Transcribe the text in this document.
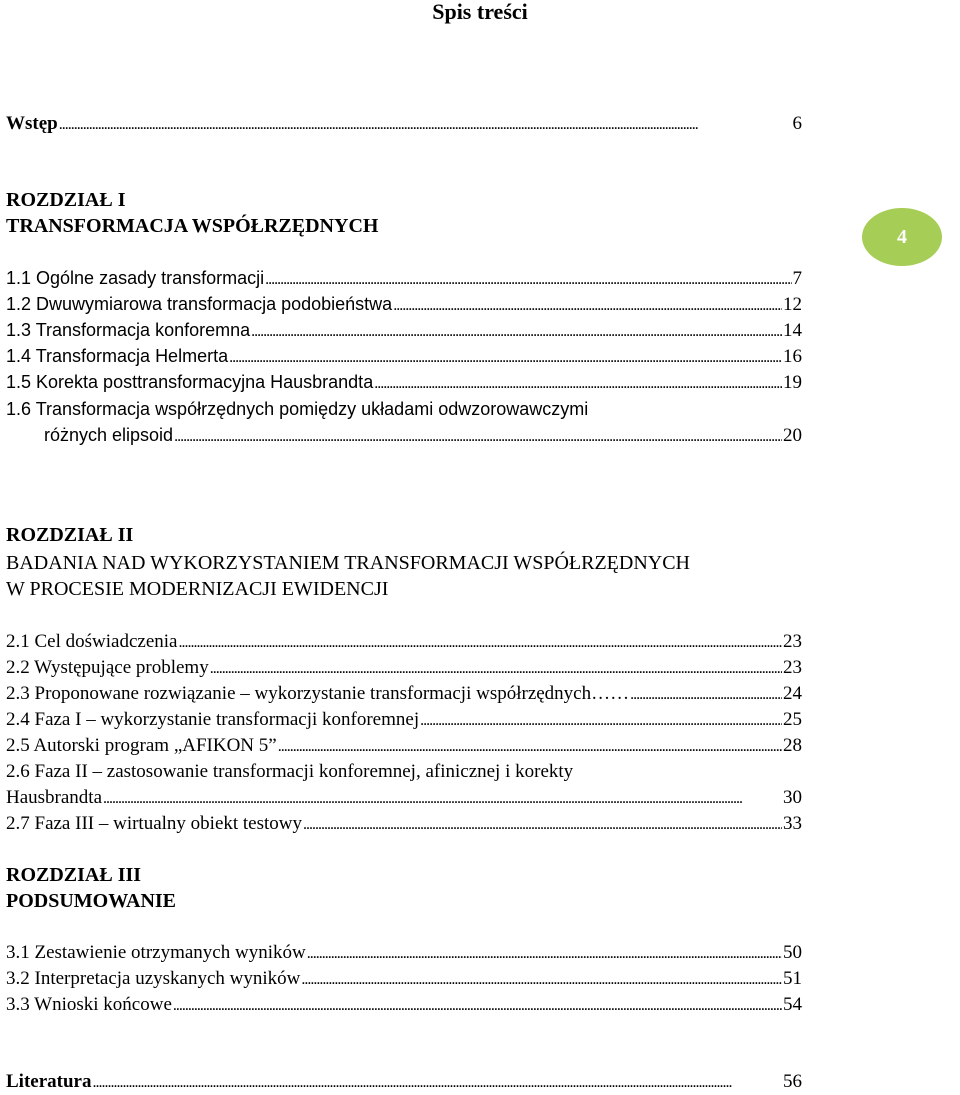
Spis treści
4
Wstęp . . .	6
ROZDZIAŁ I
TRANSFORMACJA WSPÓŁRZĘDNYCH
1.1 Ogólne zasady transformacji . . .	7
1.2 Dwuwymiarowa transformacja podobieństwa . . .	12
1.3 Transformacja konforemna . . .	14
1.4 Transformacja Helmerta . . .	16
1.5 Korekta posttransformacyjna Hausbrandta . . .	19
1.6 Transformacja współrzędnych pomiędzy układami odwzorowawczymi
różnych elipsoid . . .	20
ROZDZIAŁ II
BADANIA NAD WYKORZYSTANIEM TRANSFORMACJI WSPÓŁRZĘDNYCH
W PROCESIE MODERNIZACJI EWIDENCJI
2.1 Cel doświadczenia . . .	23
2.2 Występujące problemy . . .	23
2.3 Proponowane rozwiązanie – wykorzystanie transformacji współrzędnych…… . . .	24
2.4 Faza I – wykorzystanie transformacji konforemnej . . .	25
2.5 Autorski program „AFIKON 5” . . .	28
2.6 Faza II – zastosowanie transformacji konforemnej, afinicznej i korekty
Hausbrandta . . .	30
2.7 Faza III – wirtualny obiekt testowy . . .	33
ROZDZIAŁ III
PODSUMOWANIE
3.1 Zestawienie otrzymanych wyników . . .	50
3.2 Interpretacja uzyskanych wyników . . .	51
3.3 Wnioski końcowe . . .	54
Literatura . . .	56
